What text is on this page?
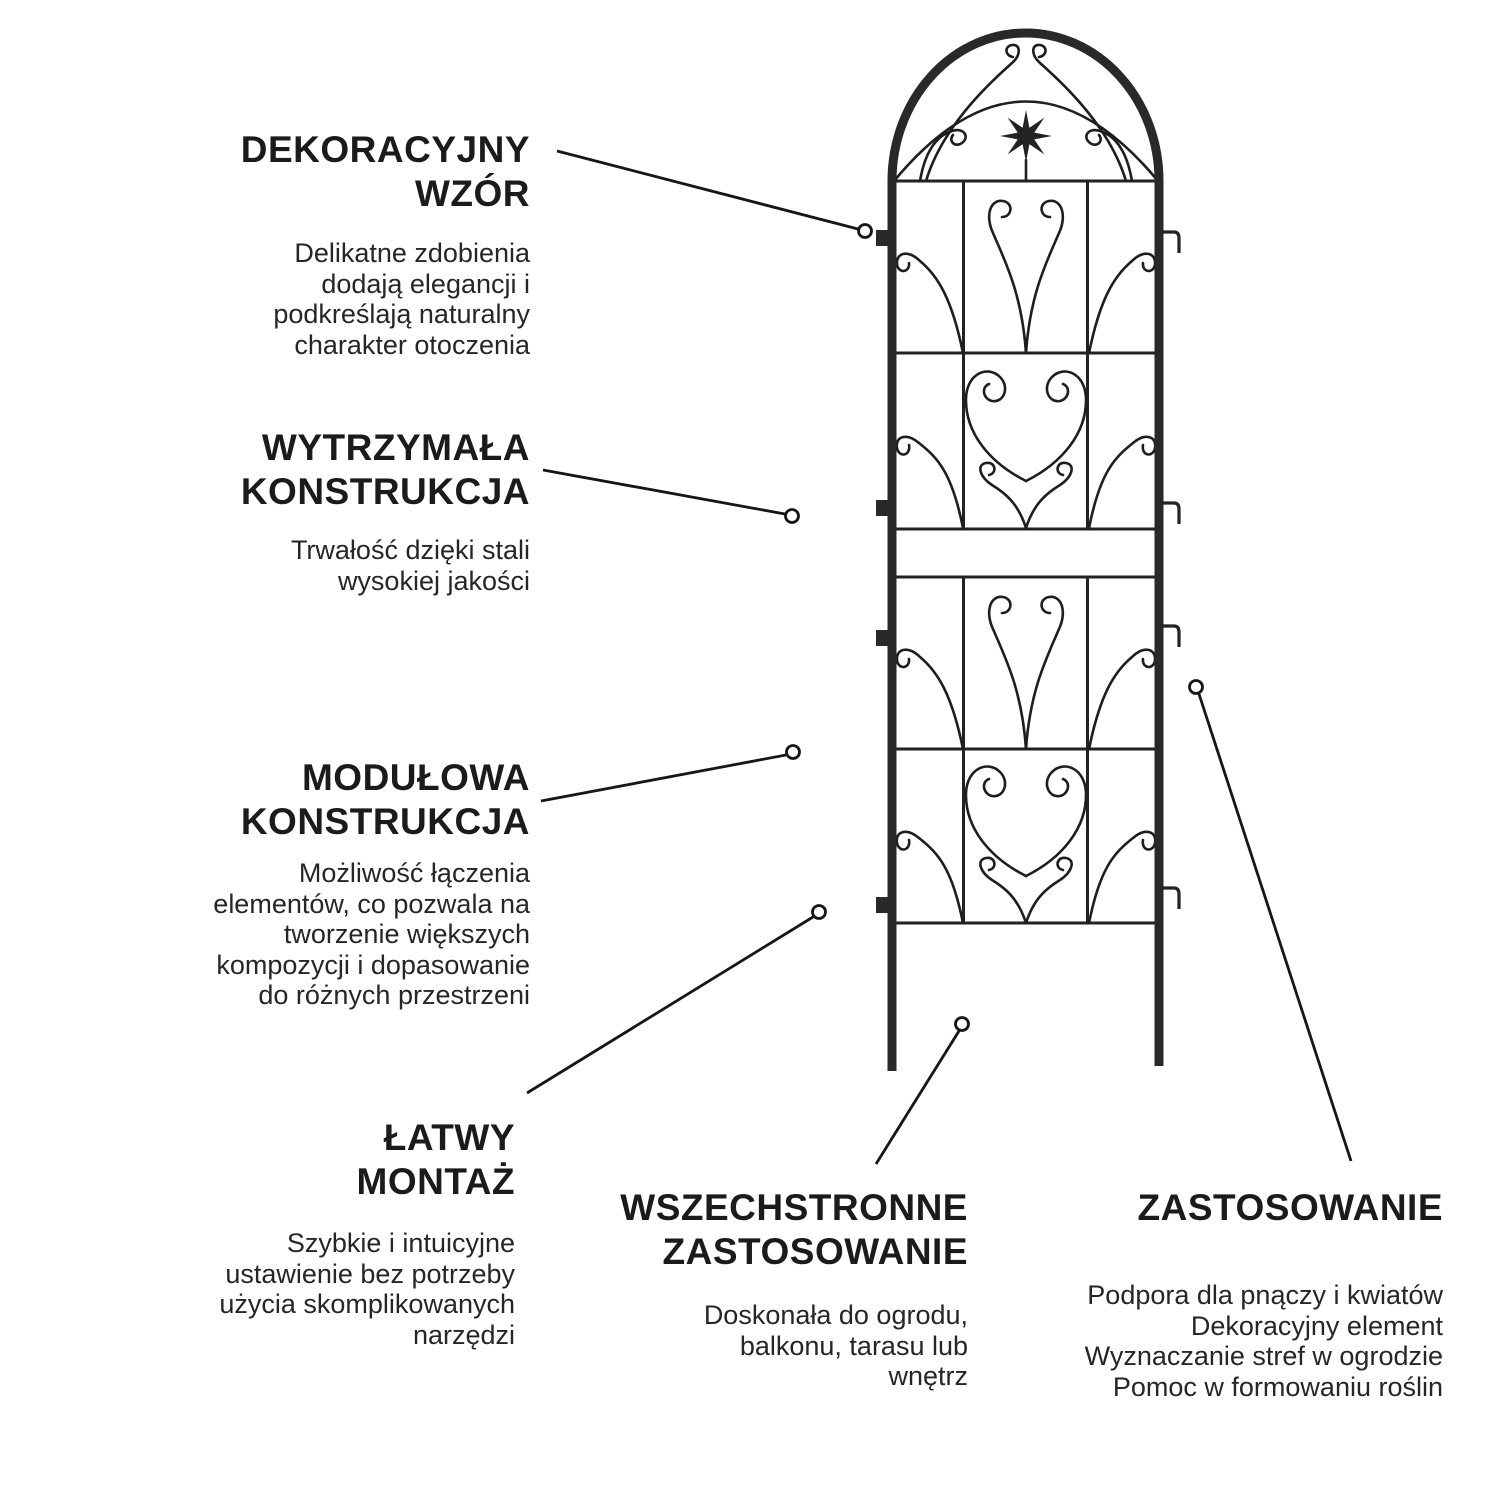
DEKORACYJNY
WZÓR

Delikatne zdobienia
dodają elegancji i
podkreślają naturalny
charakter otoczenia

WYTRZYMAŁA
KONSTRUKCJA

Trwałość dzięki stali
wysokiej jakości

MODUŁOWA
KONSTRUKCJA

Możliwość łączenia
elementów, co pozwala na
tworzenie większych
kompozycji i dopasowanie
do różnych przestrzeni

ŁATWY
MONTAŻ

Szybkie i intuicyjne
ustawienie bez potrzeby
użycia skomplikowanych
narzędzi

WSZECHSTRONNE
ZASTOSOWANIE

Doskonała do ogrodu,
balkonu, tarasu lub
wnętrz

ZASTOSOWANIE

Podpora dla pnączy i kwiatów
Dekoracyjny element
Wyznaczanie stref w ogrodzie
Pomoc w formowaniu roślin
